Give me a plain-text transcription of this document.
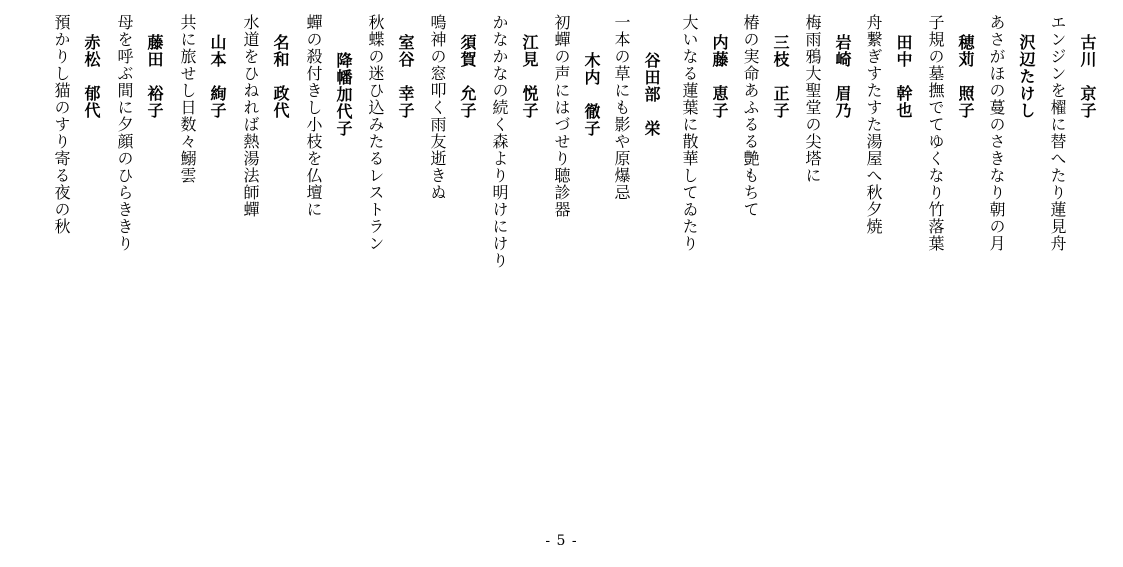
古川　京子
エンジンを櫂に替へたり蓮見舟
沢辺たけし
あさがほの蔓のさきなり朝の月
穂苅　照子
子規の墓撫でてゆくなり竹落葉
田中　幹也
舟繋ぎすたすた湯屋へ秋夕焼
岩崎　眉乃
梅雨鴉大聖堂の尖塔に
三枝　正子
椿の実命あふるる艶もちて
内藤　恵子
大いなる蓮葉に散華してゐたり
谷田部　栄
一本の草にも影や原爆忌
木内　徹子
初蟬の声にはづせり聴診器
江見　悦子
かなかなの続く森より明けにけり
須賀　允子
鳴神の窓叩く雨友逝きぬ
室谷　幸子
秋蝶の迷ひ込みたるレストラン
降幡加代子
蟬の殺付きし小枝を仏壇に
名和　政代
水道をひねれば熱湯法師蟬
山本　絢子
共に旅せし日数々鰯雲
藤田　裕子
母を呼ぶ間に夕顔のひらききり
赤松　郁代
預かりし猫のすり寄る夜の秋
- 5 -
